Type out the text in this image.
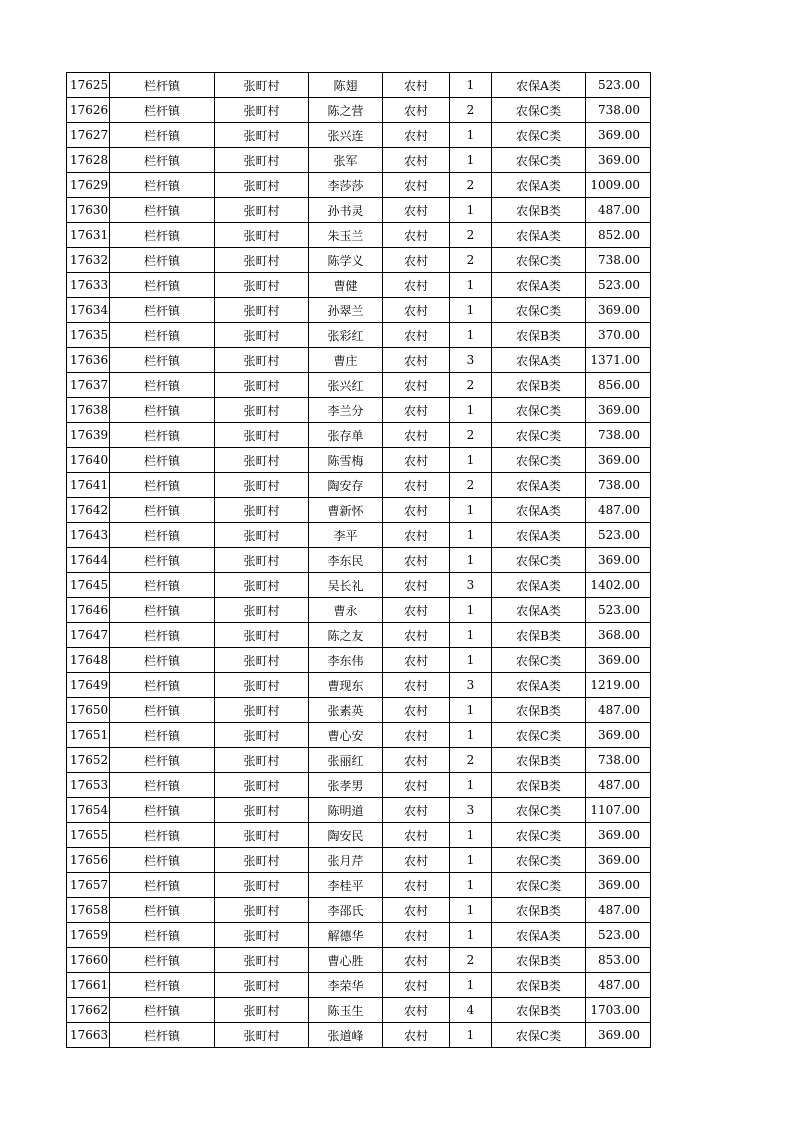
17625	栏杆镇	张町村	陈翅	农村	1	农保A类	523.00
17626	栏杆镇	张町村	陈之营	农村	2	农保C类	738.00
17627	栏杆镇	张町村	张兴连	农村	1	农保C类	369.00
17628	栏杆镇	张町村	张军	农村	1	农保C类	369.00
17629	栏杆镇	张町村	李莎莎	农村	2	农保A类	1009.00
17630	栏杆镇	张町村	孙书灵	农村	1	农保B类	487.00
17631	栏杆镇	张町村	朱玉兰	农村	2	农保A类	852.00
17632	栏杆镇	张町村	陈学义	农村	2	农保C类	738.00
17633	栏杆镇	张町村	曹健	农村	1	农保A类	523.00
17634	栏杆镇	张町村	孙翠兰	农村	1	农保C类	369.00
17635	栏杆镇	张町村	张彩红	农村	1	农保B类	370.00
17636	栏杆镇	张町村	曹庄	农村	3	农保A类	1371.00
17637	栏杆镇	张町村	张兴红	农村	2	农保B类	856.00
17638	栏杆镇	张町村	李兰分	农村	1	农保C类	369.00
17639	栏杆镇	张町村	张存单	农村	2	农保C类	738.00
17640	栏杆镇	张町村	陈雪梅	农村	1	农保C类	369.00
17641	栏杆镇	张町村	陶安存	农村	2	农保A类	738.00
17642	栏杆镇	张町村	曹新怀	农村	1	农保A类	487.00
17643	栏杆镇	张町村	李平	农村	1	农保A类	523.00
17644	栏杆镇	张町村	李东民	农村	1	农保C类	369.00
17645	栏杆镇	张町村	吴长礼	农村	3	农保A类	1402.00
17646	栏杆镇	张町村	曹永	农村	1	农保A类	523.00
17647	栏杆镇	张町村	陈之友	农村	1	农保B类	368.00
17648	栏杆镇	张町村	李东伟	农村	1	农保C类	369.00
17649	栏杆镇	张町村	曹现东	农村	3	农保A类	1219.00
17650	栏杆镇	张町村	张素英	农村	1	农保B类	487.00
17651	栏杆镇	张町村	曹心安	农村	1	农保C类	369.00
17652	栏杆镇	张町村	张丽红	农村	2	农保B类	738.00
17653	栏杆镇	张町村	张孝男	农村	1	农保B类	487.00
17654	栏杆镇	张町村	陈明道	农村	3	农保C类	1107.00
17655	栏杆镇	张町村	陶安民	农村	1	农保C类	369.00
17656	栏杆镇	张町村	张月芹	农村	1	农保C类	369.00
17657	栏杆镇	张町村	李桂平	农村	1	农保C类	369.00
17658	栏杆镇	张町村	李邵氏	农村	1	农保B类	487.00
17659	栏杆镇	张町村	解德华	农村	1	农保A类	523.00
17660	栏杆镇	张町村	曹心胜	农村	2	农保B类	853.00
17661	栏杆镇	张町村	李荣华	农村	1	农保B类	487.00
17662	栏杆镇	张町村	陈玉生	农村	4	农保B类	1703.00
17663	栏杆镇	张町村	张道峰	农村	1	农保C类	369.00
